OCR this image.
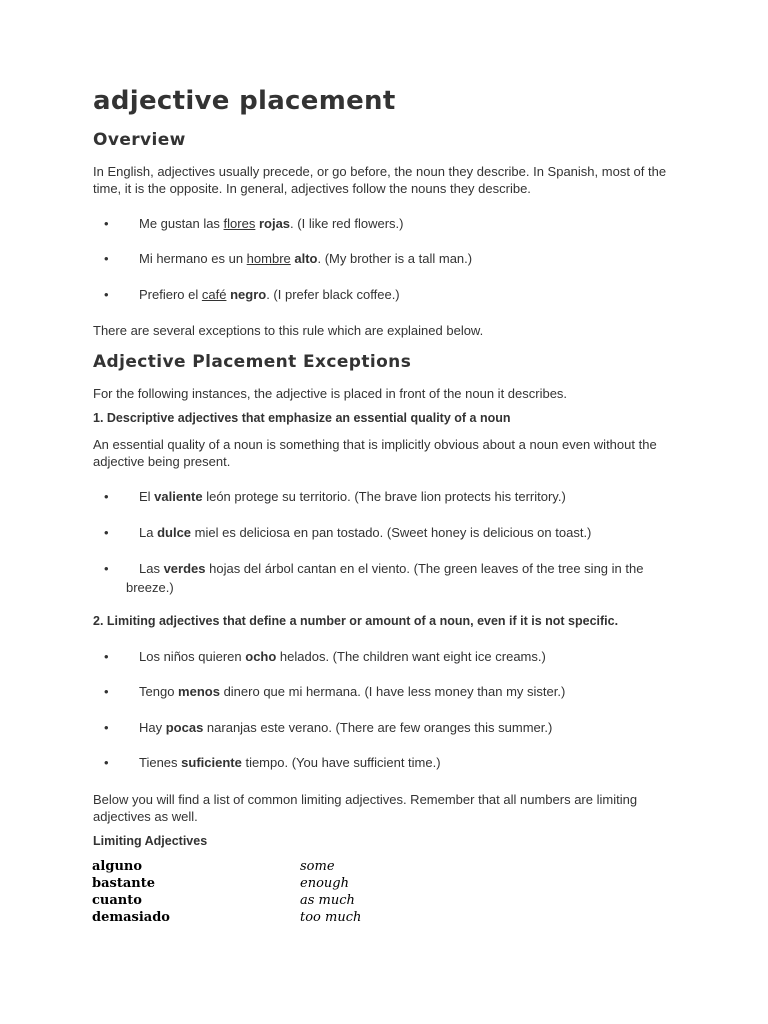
adjective placement
Overview

In English, adjectives usually precede, or go before, the noun they describe. In Spanish, most of the time, it is the opposite. In general, adjectives follow the nouns they describe.

•	Me gustan las flores rojas. (I like red flowers.)
•	Mi hermano es un hombre alto. (My brother is a tall man.)
•	Prefiero el café negro. (I prefer black coffee.)

There are several exceptions to this rule which are explained below.

Adjective Placement Exceptions

For the following instances, the adjective is placed in front of the noun it describes.

1. Descriptive adjectives that emphasize an essential quality of a noun

An essential quality of a noun is something that is implicitly obvious about a noun even without the adjective being present.

•	El valiente león protege su territorio. (The brave lion protects his territory.)
•	La dulce miel es deliciosa en pan tostado. (Sweet honey is delicious on toast.)
•	Las verdes hojas del árbol cantan en el viento. (The green leaves of the tree sing in the breeze.)

2. Limiting adjectives that define a number or amount of a noun, even if it is not specific.

•	Los niños quieren ocho helados. (The children want eight ice creams.)
•	Tengo menos dinero que mi hermana. (I have less money than my sister.)
•	Hay pocas naranjas este verano. (There are few oranges this summer.)
•	Tienes suficiente tiempo. (You have sufficient time.)

Below you will find a list of common limiting adjectives. Remember that all numbers are limiting adjectives as well.

Limiting Adjectives

alguno	some
bastante	enough
cuanto	as much
demasiado	too much
